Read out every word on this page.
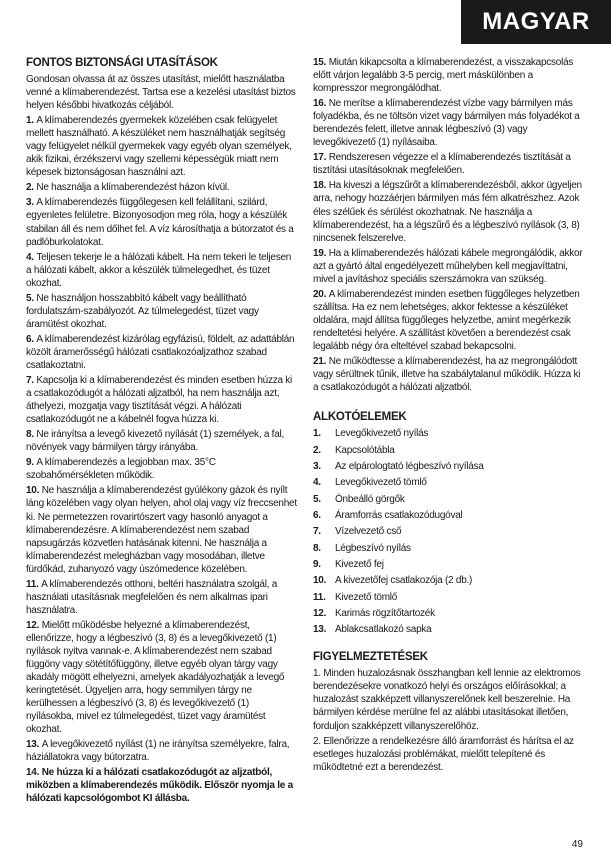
MAGYAR
FONTOS BIZTONSÁGI UTASÍTÁSOK
Gondosan olvassa át az összes utasítást, mielőtt használatba venné a klímaberendezést. Tartsa ese a kezelési utasítást biztos helyen későbbi hivatkozás céljából.
1. A klímaberendezés gyermekek közelében csak felügyelet mellett használható. A készüléket nem használhatják segítség vagy felügyelet nélkül gyermekek vagy egyéb olyan személyek, akik fizikai, érzékszervi vagy szellemi képességük miatt nem képesek biztonságosan használni azt.
2. Ne használja a klímaberendezést házon kívül.
3. A klímaberendezés függőlegesen kell felállítani, szilárd, egyenletes felületre. Bizonyosodjon meg róla, hogy a készülék stabilan áll és nem dőlhet fel. A víz károsíthatja a bútorzatot és a padlóburkolatokat.
4. Teljesen tekerje le a hálózati kábelt. Ha nem tekeri le teljesen a hálózati kábelt, akkor a készülék túlmelegedhet, és tüzet okozhat.
5. Ne használjon hosszabbító kábelt vagy beállítható fordulatszám-szabályozót. Az túlmelegedést, tüzet vagy áramütést okozhat.
6. A klímaberendezést kizárólag egyfázisú, földelt, az adattáblán közölt áramerősségű hálózati csatlakozóaljzathoz szabad csatlakoztatni.
7. Kapcsolja ki a klímaberendezést és minden esetben húzza ki a csatlakozódugót a hálózati aljzatból, ha nem használja azt, áthelyezi, mozgatja vagy tisztítását végzi. A hálózati csatlakozódugót ne a kábelnél fogva húzza ki.
8. Ne irányítsa a levegő kivezető nyílását (1) személyek, a fal, növények vagy bármilyen tárgy irányába.
9. A klímaberendezés a legjobban max. 35°C szobahőmérsékleten működik.
10. Ne használja a klímaberendezést gyúlékony gázok és nyílt láng közelében vagy olyan helyen, ahol olaj vagy víz freccsenhet ki. Ne permetezzen rovarirtószert vagy hasonló anyagot a klímaberendezésre. A klímaberendezést nem szabad napsugárzás közvetlen hatásának kitenni. Ne használja a klímaberendezést melegházban vagy mosodában, illetve fürdőkád, zuhanyozó vagy úszómedence közelében.
11. A klímaberendezés otthoni, beltéri használatra szolgál, a használati utasításnak megfelelően és nem alkalmas ipari használatra.
12. Mielőtt működésbe helyezné a klímaberendezést, ellenőrizze, hogy a légbeszívó (3, 8) és a levegőkivezető (1) nyílások nyitva vannak-e. A klímaberendezést nem szabad függöny vagy sötétítőfüggöny, illetve egyéb olyan tárgy vagy akadály mögött elhelyezni, amelyek akadályozhatják a levegő keringtetését. Ügyeljen arra, hogy semmilyen tárgy ne kerülhessen a légbeszívó (3, 8) és levegőkivezető (1) nyílásokba, mivel ez túlmelegedést, tüzet vagy áramütést okozhat.
13. A levegőkivezető nyílást (1) ne irányítsa személyekre, falra, háziállatokra vagy bútorzatra.
14. Ne húzza ki a hálózati csatlakozódugót az aljzatból, miközben a klímaberendezés működik. Először nyomja le a hálózati kapcsológombot KI állásba.
15. Miután kikapcsolta a klímaberendezést, a visszakapcsolás előtt várjon legalább 3-5 percig, mert máskülönben a kompresszor megrongálódhat.
16. Ne merítse a klímaberendezést vízbe vagy bármilyen más folyadékba, és ne töltsön vizet vagy bármilyen más folyadékot a berendezés felett, illetve annak légbeszívó (3) vagy levegőkivezető (1) nyílásaiba.
17. Rendszeresen végezze el a klímaberendezés tisztítását a tisztítási utasításoknak megfelelően.
18. Ha kiveszi a légszűrőt a klímaberendezésből, akkor ügyeljen arra, nehogy hozzáérjen bármilyen más fém alkatrészhez. Azok éles szélűek és sérülést okozhatnak. Ne használja a klímaberendezést, ha a légszűrő és a légbeszívó nyílások (3, 8) nincsenek felszerelve.
19. Ha a klímaberendezés hálózati kábele megrongálódik, akkor azt a gyártó által engedélyezett műhelyben kell megjavíttatni, mivel a javításhoz speciális szerszámokra van szükség.
20. A klímaberendezést minden esetben függőleges helyzetben szállítsa. Ha ez nem lehetséges, akkor fektesse a készüléket oldalára, majd állítsa függőleges helyzetbe, amint megérkezik rendeltetési helyére. A szállítást követően a berendezést csak legalább négy óra elteltével szabad bekapcsolni.
21. Ne működtesse a klímaberendezést, ha az megrongálódott vagy sérültnek tűnik, illetve ha szabálytalanul működik. Húzza ki a csatlakozódugót a hálózati aljzatból.
ALKOTÓELEMEK
1.	Levegőkivezető nyílás
2.	Kapcsolótábla
3.	Az elpárologtató légbeszívó nyílása
4.	Levegőkivezető tömlő
5.	Önbeálló görgők
6.	Áramforrás csatlakozódugóval
7.	Vízelvezető cső
8.	Légbeszívó nyílás
9.	Kivezető fej
10. A kivezetőfej csatlakozója (2 db.)
11. Kivezető tömlő
12. Karimás rögzítőtartozék
13. Ablakcsatlakozó sapka
FIGYELMEZTETÉSEK
1. Minden huzalozásnak összhangban kell lennie az elektromos berendezésekre vonatkozó helyi és országos előírásokkal; a huzalozást szakképzett villanyszerelőnek kell beszerelnie. Ha bármilyen kérdése merülne fel az alábbi utasításokat illetően, forduljon szakképzett villanyszerelőhöz.
2. Ellenőrizze a rendelkezésre álló áramforrást és hárítsa el az esetleges huzalozási problémákat, mielőtt telepítené és működtetné ezt a berendezést.
49
